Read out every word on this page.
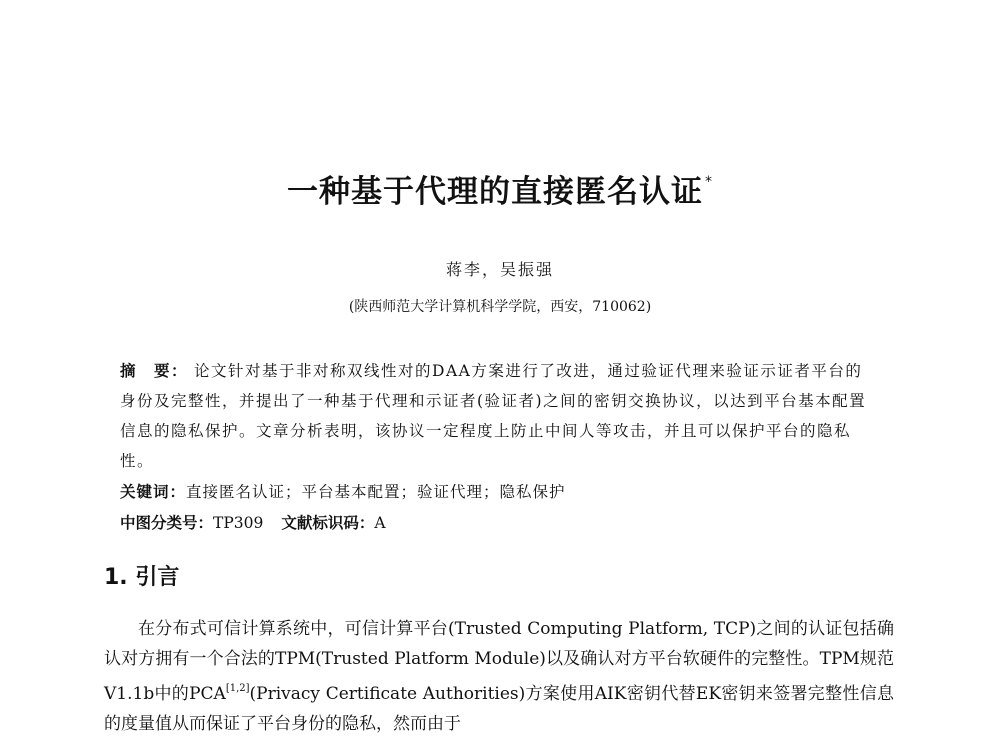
一种基于代理的直接匿名认证 *
蒋李，吴振强
(陕西师范大学计算机科学学院，西安，710062)
摘　要： 论文针对基于非对称双线性对的DAA方案进行了改进，通过验证代理来验证示证者平台的身份及完整性，并提出了一种基于代理和示证者(验证者)之间的密钥交换协议，以达到平台基本配置信息的隐私保护。文章分析表明，该协议一定程度上防止中间人等攻击，并且可以保护平台的隐私性。
关键词：直接匿名认证；平台基本配置；验证代理；隐私保护
中图分类号：TP309 文献标识码：A
1. 引言

在分布式可信计算系统中，可信计算平台(Trusted Computing Platform, TCP)之间的认证包括确认对方拥有一个合法的TPM(Trusted Platform Module)以及确认对方平台软硬件的完整性。TPM规范V1.1b中的PCA[1,2](Privacy Certificate Authorities)方案使用AIK密钥代替EK密钥来签署完整性信息的度量值从而保证了平台身份的隐私，然而由于
